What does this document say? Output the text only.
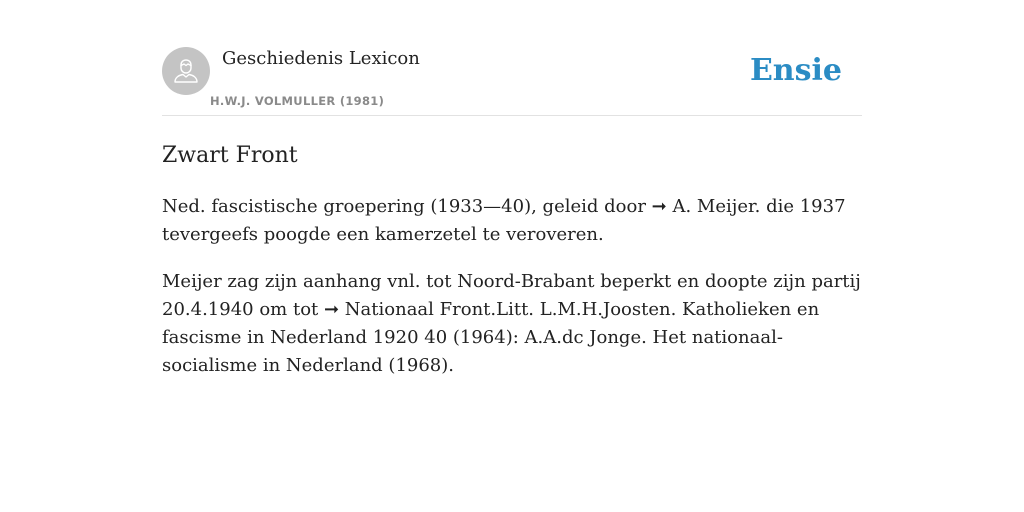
Geschiedenis Lexicon
H.W.J. VOLMULLER (1981)
Ensie
Zwart Front

Ned. fascistische groepering (1933—40), geleid door ➞ A. Meijer. die 1937 tevergeefs poogde een kamerzetel te veroveren.

Meijer zag zijn aanhang vnl. tot Noord-Brabant beperkt en doopte zijn partij 20.4.1940 om tot ➞ Nationaal Front.Litt. L.M.H.Joosten. Katholieken en fascisme in Nederland 1920 40 (1964): A.A.dc Jonge. Het nationaal-socialisme in Nederland (1968).
